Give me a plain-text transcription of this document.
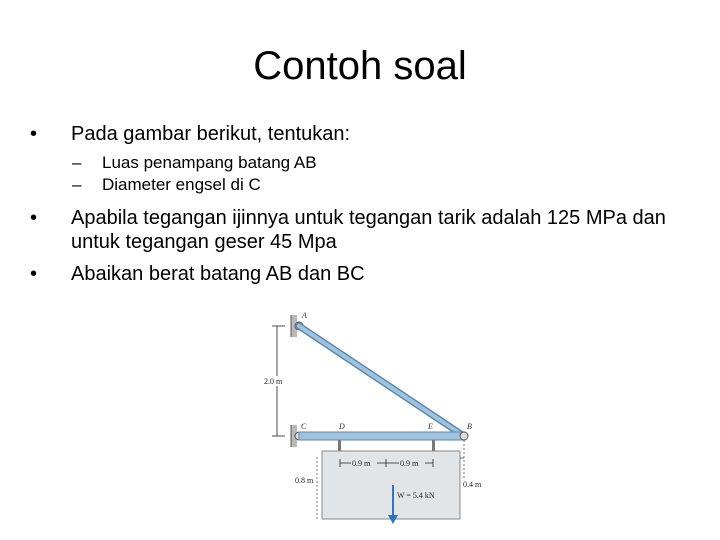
Contoh soal
• Pada gambar berikut, tentukan:
– Luas penampang batang AB
– Diameter engsel di C
• Apabila tegangan ijinnya untuk tegangan tarik adalah 125 MPa dan untuk tegangan geser 45 Mpa
• Abaikan berat batang AB dan BC
W = 5.4 kN
2.0 m
0.9 m	0.9 m
0.8 m	0.4 m
A
C	D	E	B
